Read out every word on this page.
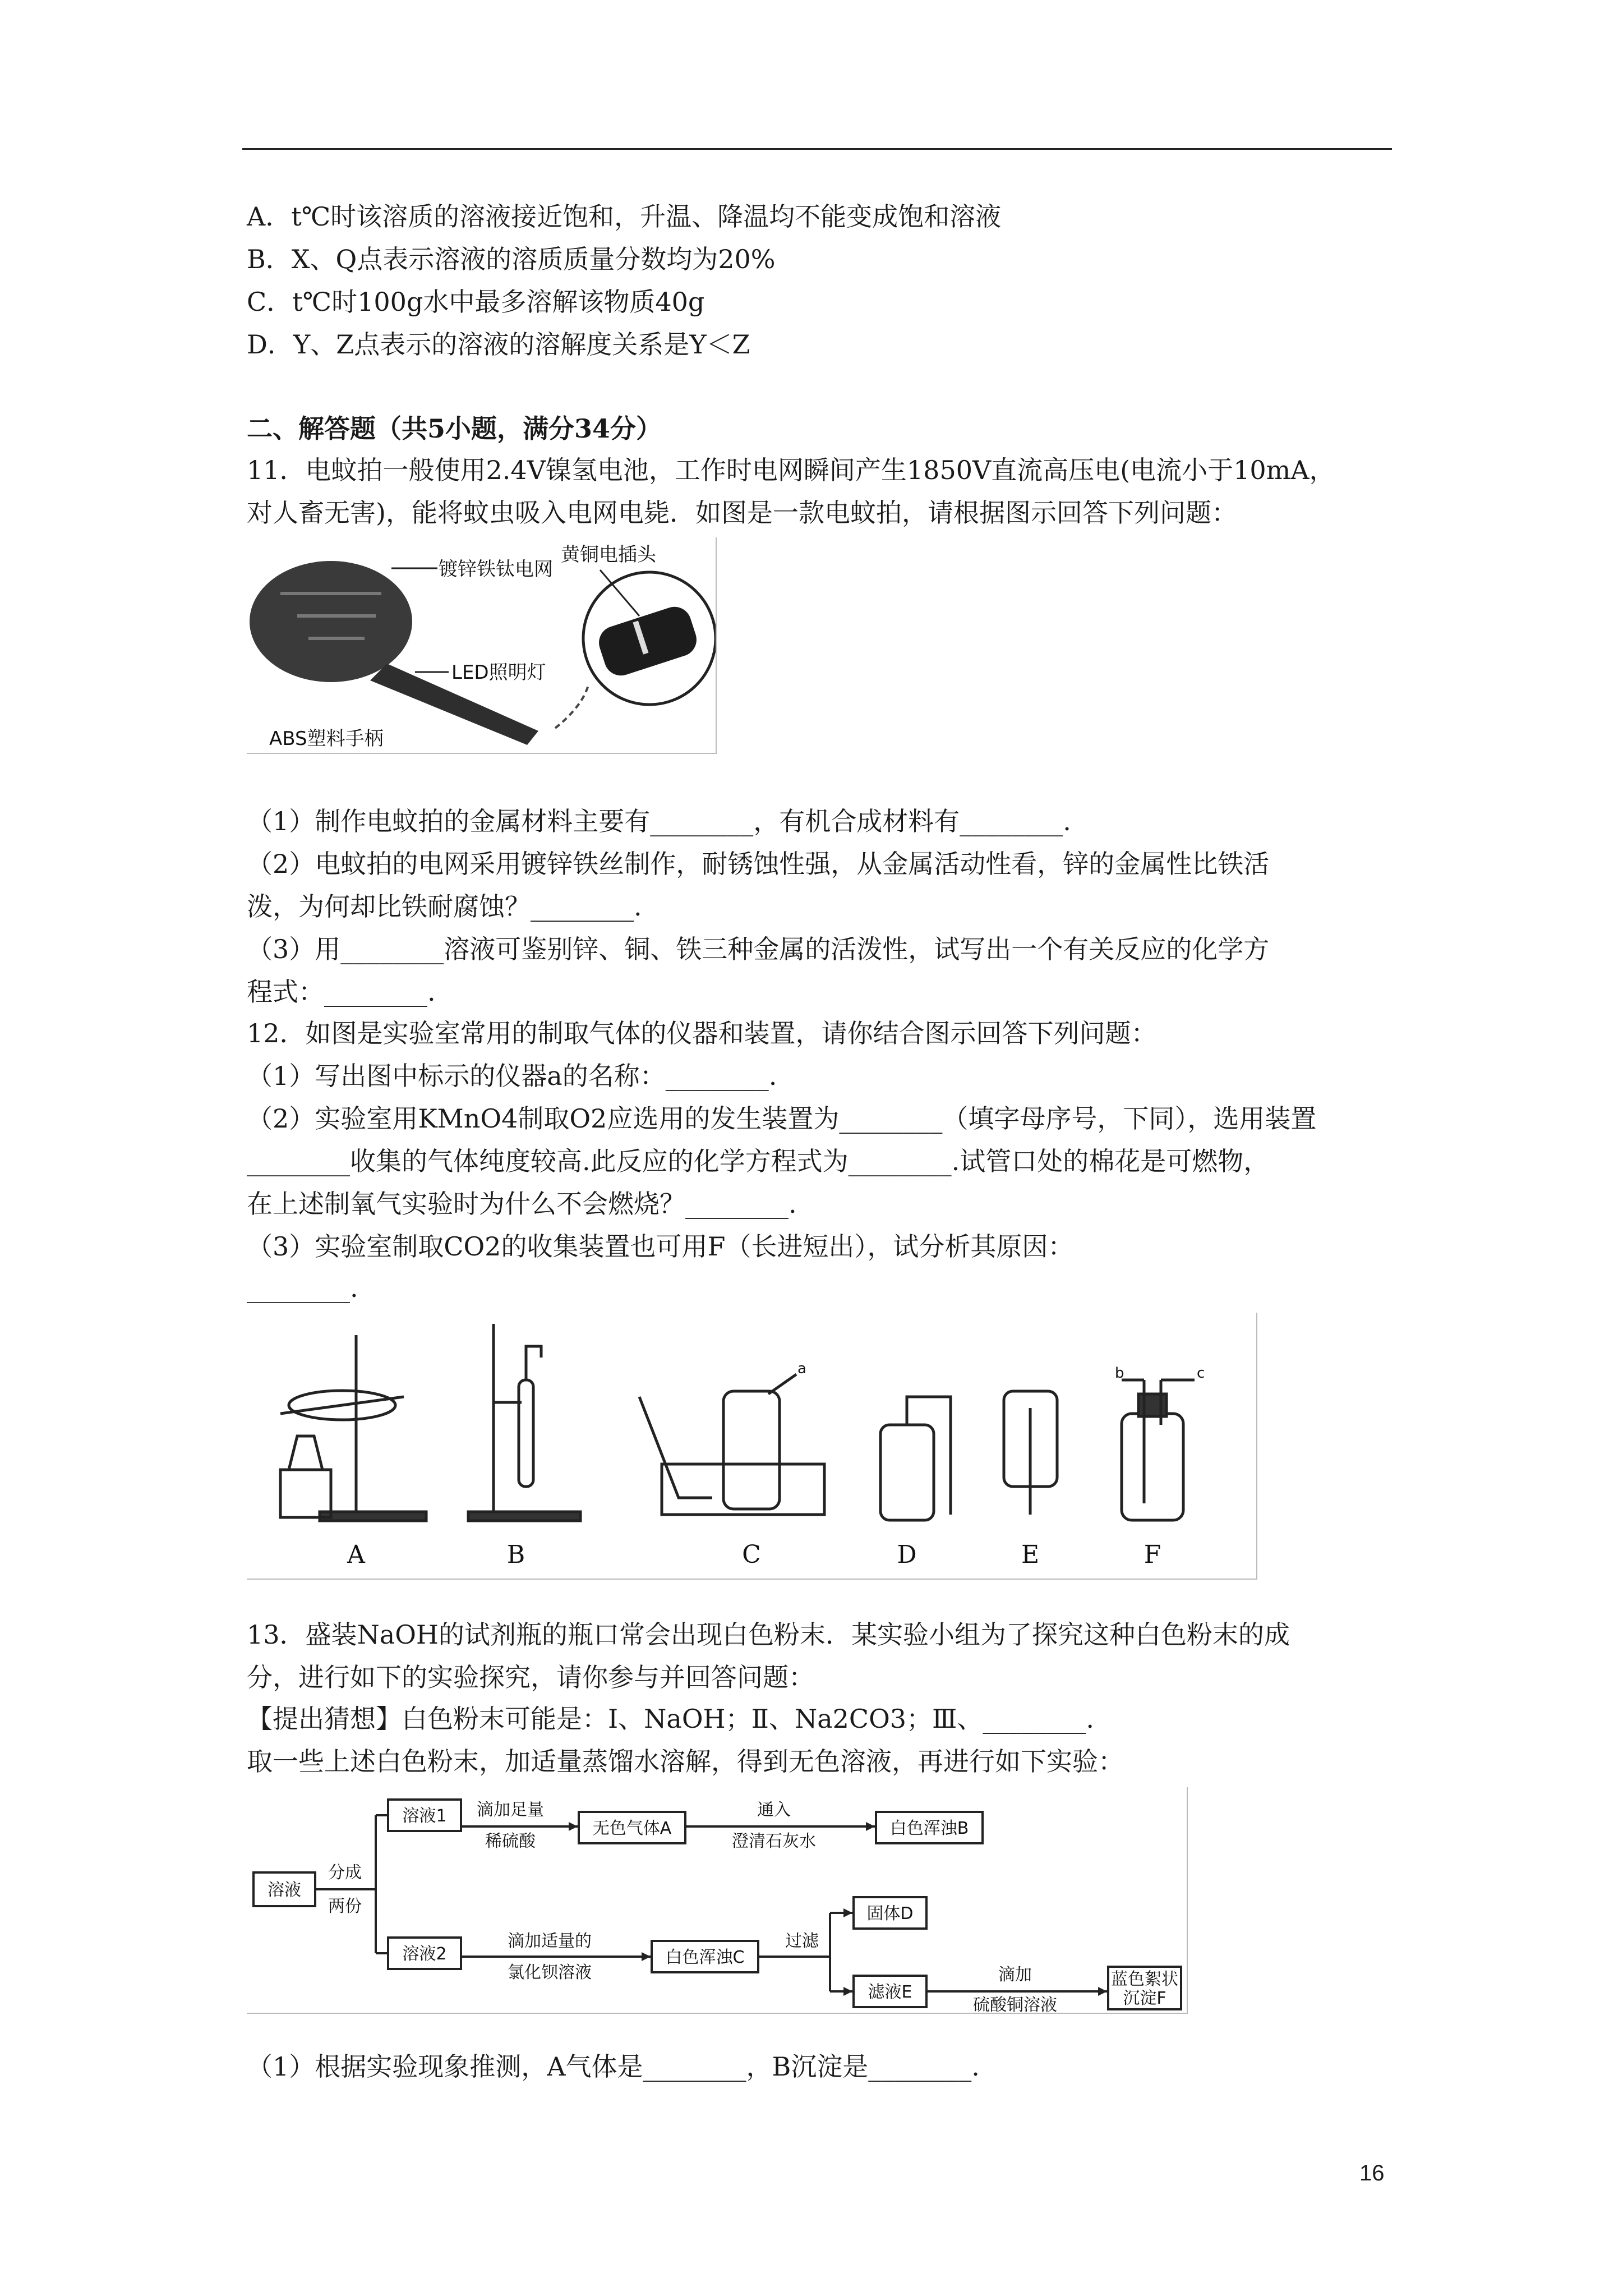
A．t℃时该溶质的溶液接近饱和，升温、降温均不能变成饱和溶液
B．X、Q点表示溶液的溶质质量分数均为20%
C．t℃时100g水中最多溶解该物质40g
D．Y、Z点表示的溶液的溶解度关系是Y＜Z
二、解答题（共5小题，满分34分）
11．电蚊拍一般使用2.4V镍氢电池，工作时电网瞬间产生1850V直流高压电(电流小于10mA，
对人畜无害)，能将蚊虫吸入电网电毙．如图是一款电蚊拍，请根据图示回答下列问题：
镀锌铁钛电网
黄铜电插头
LED照明灯
ABS塑料手柄
（1）制作电蚊拍的金属材料主要有________，有机合成材料有________.
（2）电蚊拍的电网采用镀锌铁丝制作，耐锈蚀性强，从金属活动性看，锌的金属性比铁活
泼，为何却比铁耐腐蚀？________.
（3）用________溶液可鉴别锌、铜、铁三种金属的活泼性，试写出一个有关反应的化学方
程式：________.
12．如图是实验室常用的制取气体的仪器和装置，请你结合图示回答下列问题：
（1）写出图中标示的仪器a的名称：________.
（2）实验室用KMnO4制取O2应选用的发生装置为________（填字母序号，下同），选用装置
________收集的气体纯度较高.此反应的化学方程式为________.试管口处的棉花是可燃物，
在上述制氧气实验时为什么不会燃烧？________.
（3）实验室制取CO2的收集装置也可用F（长进短出），试分析其原因：
________.
a	b	c
A	B	C	D	E	F
13．盛装NaOH的试剂瓶的瓶口常会出现白色粉末．某实验小组为了探究这种白色粉末的成
分，进行如下的实验探究，请你参与并回答问题：
【提出猜想】白色粉末可能是：Ⅰ、NaOH；Ⅱ、Na2CO3；Ⅲ、________.
取一些上述白色粉末，加适量蒸馏水溶解，得到无色溶液，再进行如下实验：
溶液
分成
两份
溶液1 滴加足量
稀硫酸
无色气体A
通入
澄清石灰水
白色浑浊B
溶液2
滴加适量的
氯化钡溶液
白色浑浊C
过滤
固体D
滤液E
滴加
硫酸铜溶液
蓝色絮状
沉淀F
（1）根据实验现象推测，A气体是________，B沉淀是________.
16
